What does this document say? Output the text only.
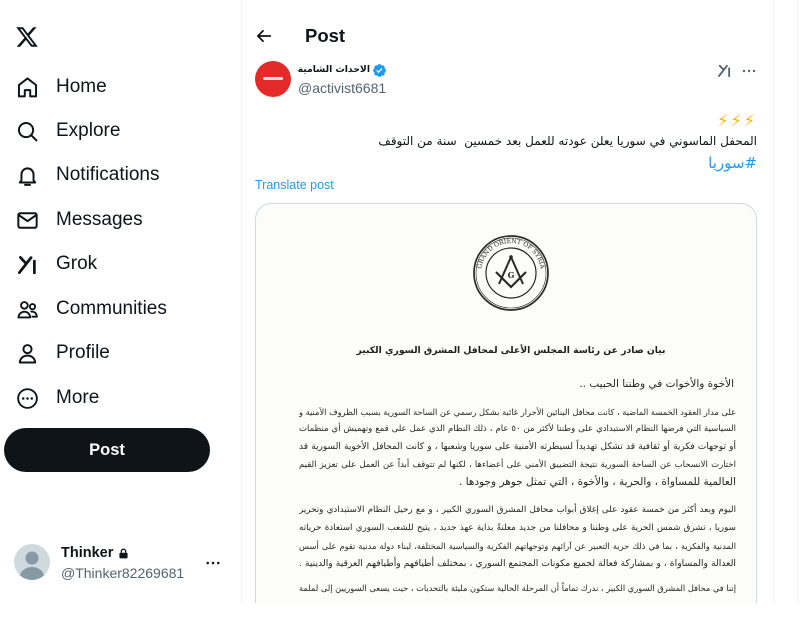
Home
Explore
Notifications
Messages
Grok
Communities
Profile
More
Post
Thinker
@Thinker82269681
Post
الاحداث الشامية
@activist6681
⚡⚡⚡
المحفل الماسوني في سوريا يعلن عودته للعمل بعد خمسين  سنة من التوقف
#سوريا
Translate post
GRAND ORIENT OF SYRIA
G
بيان صادر عن رئاسة المجلس الأعلى لمحافل المشرق السوري الكبير
الأخوة والأخوات في وطننا الحبيب ..
على مدار العقود الخمسة الماضية ، كانت محافل البنائين الأحرار غائبة بشكل رسمي عن الساحة السورية بسبب الظروف الأمنية و
السياسية التي فرضها النظام الاستبدادي على وطننا لأكثر من ٥٠ عام ، ذلك النظام الذي عمل على قمع وتهميش أي منظمات
أو توجهات فكرية أو ثقافية قد تشكل تهديداً لسيطرته الأمنية على سوريا وشعبها ، و كانت المحافل الأخوية السورية قد
اختارت الانسحاب عن الساحة السورية نتيجة التضييق الأمني على أعضاءها ، لكنها لم تتوقف أبداً عن العمل على تعزيز القيم
العالمية للمساواة ، والحرية ، والأخوة ، التي تمثل جوهر وجودها .
اليوم وبعد أكثر من خمسة عقود على إغلاق أبواب محافل المشرق السوري الكبير ، و مع رحيل النظام الاستبدادي وتحرير
سوريا ، تشرق شمس الحرية على وطننا و محافلنا من جديد معلنةً بداية عهد جديد ، يتيح للشعب السوري استعادة حرياته
المدنية والفكرية ، بما في ذلك حرية التعبير عن آرائهم وتوجهاتهم الفكرية والسياسية المختلفة، لبناء دولة مدنية تقوم على أسس
العدالة والمساواة ، و بمشاركة فعالة لجميع مكونات المجتمع السوري ، بمختلف أطيافهم وأطيافهم العرقية والدينية .
إننا في محافل المشرق السوري الكبير ، ندرك تماماً أن المرحلة الحالية ستكون مليئة بالتحديات ، حيث يسعى السوريين إلى لملمة
